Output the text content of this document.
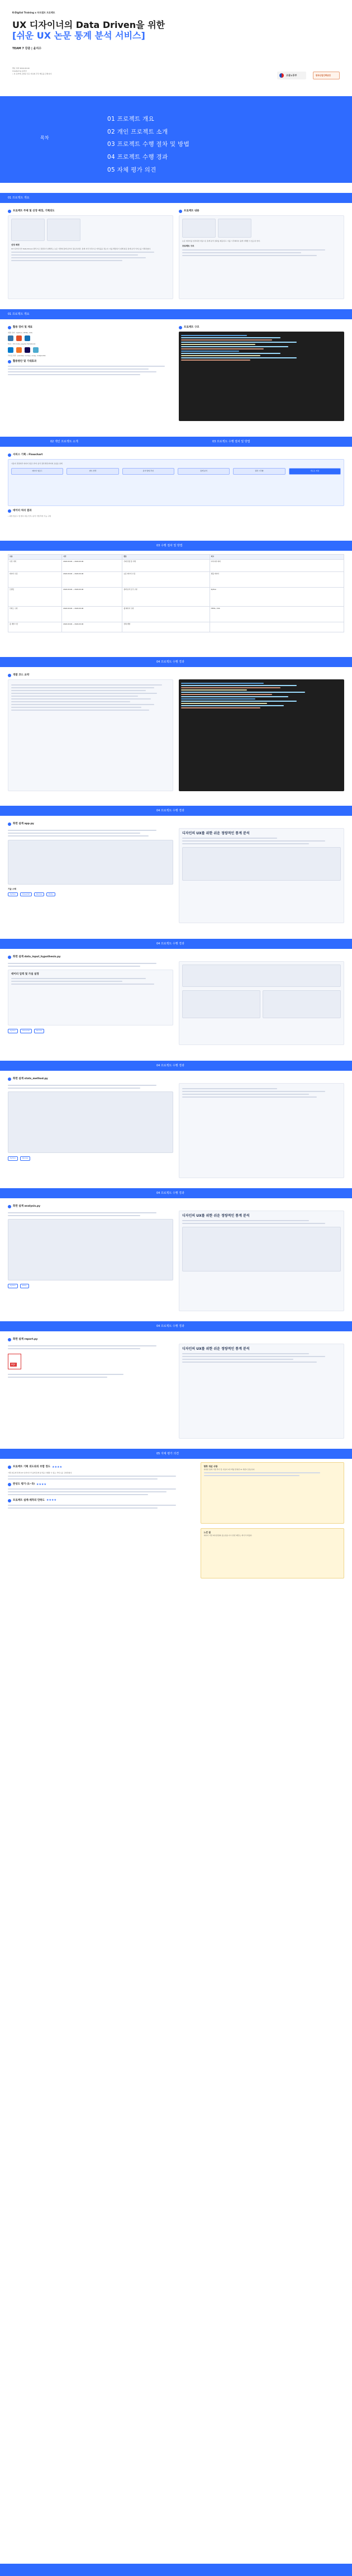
K-Digital Training x 부트캠프 프로젝트
UX 디자이너의 Data Driven을 위한
[쉬운 UX 논문 통계 분석 서비스]
TEAM 7 강증 | 윤지수
발표 일자 2024.00.00
Created by 윤지수
• 본 문서에 포함된 모든 자료의 무단 배포를 금합니다.
고용노동부	한국산업인력공단
목차
01 프로젝트 개요
02 개인 프로젝트 소개
03 프로젝트 수행 절차 및 방법
04 프로젝트 수행 경과
05 자체 평가 의견
01 프로젝트 개요
프로젝트 주제 및 선정 배경, 기획의도
선정 배경
UX 디자이너가 Data Driven 방식으로 결정하기 위해서는 논문 기반의 통계 분석이 필요하지만, 통계 지식 부족으로 어려움을 겪는다. 이를 해결하기 위해 쉬운 통계 분석 서비스를 기획하였다.
프로젝트 내용
논문 데이터를 입력하면 자동으로 통계 분석 결과를 제공하고, 이를 시각화하여 쉽게 이해할 수 있도록 한다.
프로젝트 구조
01 프로젝트 개요
활용 장비 및 재료
개발 언어 : Python, HTML, CSS
Tool : VS Code, Jupyter Notebook
라이브러리 : pandas, numpy, scipy, matplotlib
활용방안 및 기대효과
프로젝트 구조
02 개인 프로젝트 소개	03 프로젝트 수행 절차 및 방법
서비스 기획 : Flowchart
사용자 관점에서 데이터 업로드부터 분석 결과 확인까지의 흐름을 설계
데이터 업로드	변수 선택	분석 방법 추천	통계 분석	결과 시각화	리포트 저장
데이터 처리 결과
• 파일 업로드 및 변수 자동 인식, 분석 기법 추천 기능 구현
03 수행 절차 및 방법
구분	기간	활동	비고
사전 기획	2024.00.00 ~ 2024.00.00	주제 선정 및 기획	아이디어 회의
데이터 수집	2024.00.00 ~ 2024.00.00	논문 데이터 수집	샘플 데이터
모델링	2024.00.00 ~ 2024.00.00	통계 분석 로직 구현	Python
서비스 구현	2024.00.00 ~ 2024.00.00	웹 페이지 구현	HTML / CSS
총 개발 기간	2024.00.00 ~ 2024.00.00	전체 개발	
04 프로젝트 수행 경과
개발 코드 요약
04 프로젝트 수행 경과
화면 설계 app.py
기술 스택
Python	Streamlit	Pandas	Plotly
디자인의 UX를 위한 쉬운 정량적인 통계 분석
04 프로젝트 수행 경과
화면 설계 data_input_hypothesis.py
데이터 입력 및 가설 설정
Python	Streamlit	Pandas
04 프로젝트 수행 경과
화면 설계 stats_method.py
Python	Pandas
04 프로젝트 수행 경과
화면 설계 analysis.py
Python	Plotly
디자인의 UX를 위한 쉬운 정량적인 통계 분석
04 프로젝트 수행 경과
화면 설계 report.py
PDF
디자인의 UX를 위한 쉬운 정량적인 통계 분석
05 자체 평가 의견
프로젝트 기획 의도와의 부합 정도 ★★★★
기획 의도에 맞게 UX 디자이너가 쉽게 통계 분석을 수행할 수 있는 서비스를 구현하였다.
완성도 평가 (1~5) ★★★★
프로젝트 설계·제작의 만족도 ★★★★
향후 개선 사항
다양한 통계 기법 추가 및 사용자 피드백을 반영한 UI 개선이 필요하다.
느낀 점
데이터 기반 의사결정의 중요성을 다시 한번 깨닫는 계기가 되었다.
